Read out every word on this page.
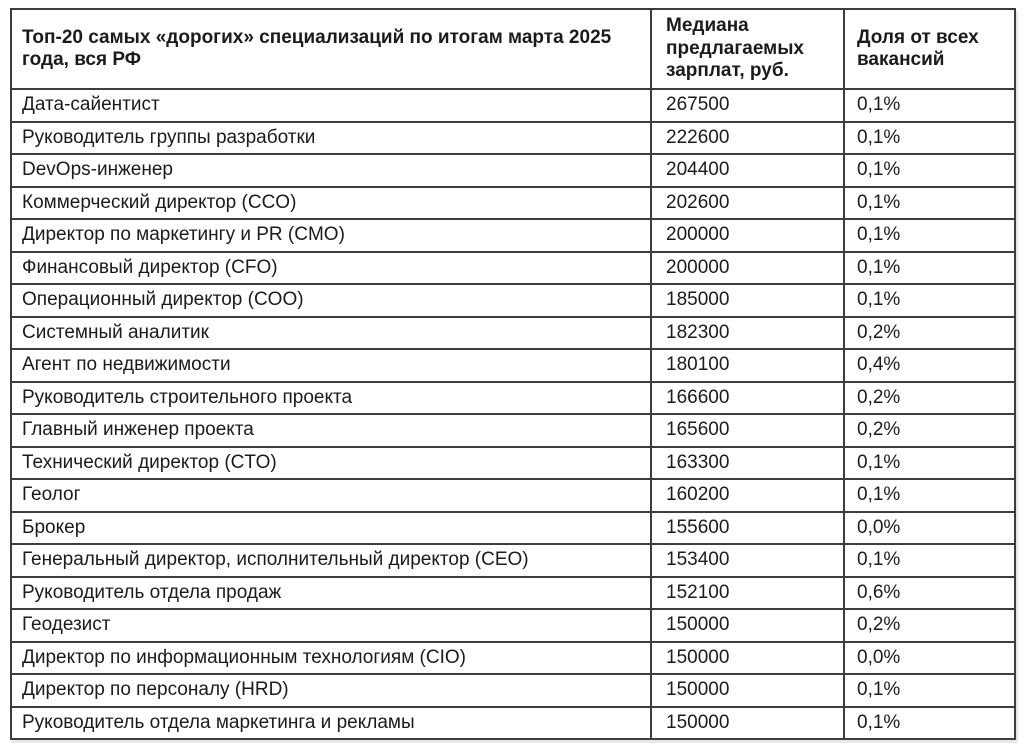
Топ-20 самых «дорогих» специализаций по итогам марта 2025 года, вся РФ	Медиана предлагаемых зарплат, руб.	Доля от всех вакансий
Дата-сайентист	267500	0,1%
Руководитель группы разработки	222600	0,1%
DevOps-инженер	204400	0,1%
Коммерческий директор (CCO)	202600	0,1%
Директор по маркетингу и PR (CMO)	200000	0,1%
Финансовый директор (CFO)	200000	0,1%
Операционный директор (COO)	185000	0,1%
Системный аналитик	182300	0,2%
Агент по недвижимости	180100	0,4%
Руководитель строительного проекта	166600	0,2%
Главный инженер проекта	165600	0,2%
Технический директор (CTO)	163300	0,1%
Геолог	160200	0,1%
Брокер	155600	0,0%
Генеральный директор, исполнительный директор (CEO)	153400	0,1%
Руководитель отдела продаж	152100	0,6%
Геодезист	150000	0,2%
Директор по информационным технологиям (CIO)	150000	0,0%
Директор по персоналу (HRD)	150000	0,1%
Руководитель отдела маркетинга и рекламы	150000	0,1%
